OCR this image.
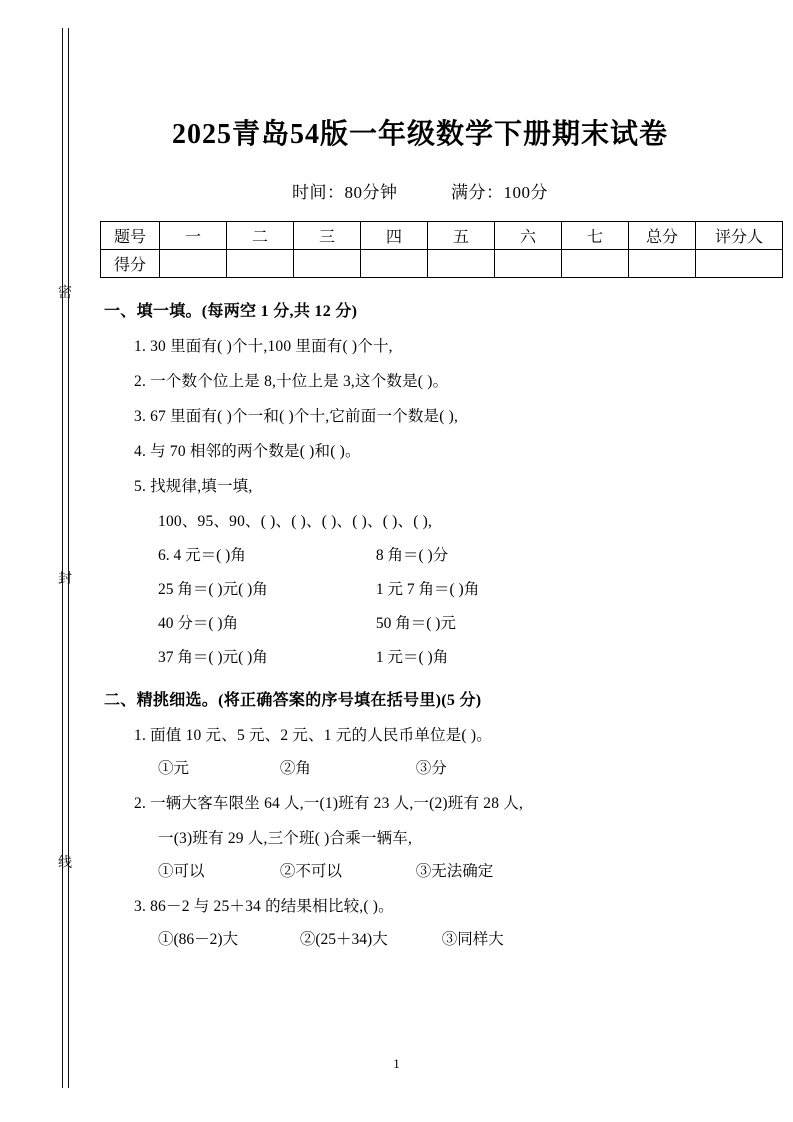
密
封
线
2025青岛54版一年级数学下册期末试卷
时间：80分钟	满分：100分
题号	一	二	三	四	五	六	七	总分	评分人
得分									
一、填一填。(每两空 1 分,共 12 分)
1. 30 里面有( )个十,100 里面有( )个十,
2. 一个数个位上是 8,十位上是 3,这个数是( )。
3. 67 里面有( )个一和( )个十,它前面一个数是( ),
4. 与 70 相邻的两个数是( )和( )。
5. 找规律,填一填,
100、95、90、( )、( )、( )、( )、( )、( ),
6. 4 元＝( )角	8 角＝( )分
25 角＝( )元( )角	1 元 7 角＝( )角
40 分＝( )角	50 角＝( )元
37 角＝( )元( )角	1 元＝( )角
二、精挑细选。(将正确答案的序号填在括号里)(5 分)
1. 面值 10 元、5 元、2 元、1 元的人民币单位是( )。
①元	②角	③分
2. 一辆大客车限坐 64 人,一(1)班有 23 人,一(2)班有 28 人,
一(3)班有 29 人,三个班( )合乘一辆车,
①可以	②不可以	③无法确定
3. 86－2 与 25＋34 的结果相比较,( )。
①(86－2)大	②(25＋34)大	③同样大
1
